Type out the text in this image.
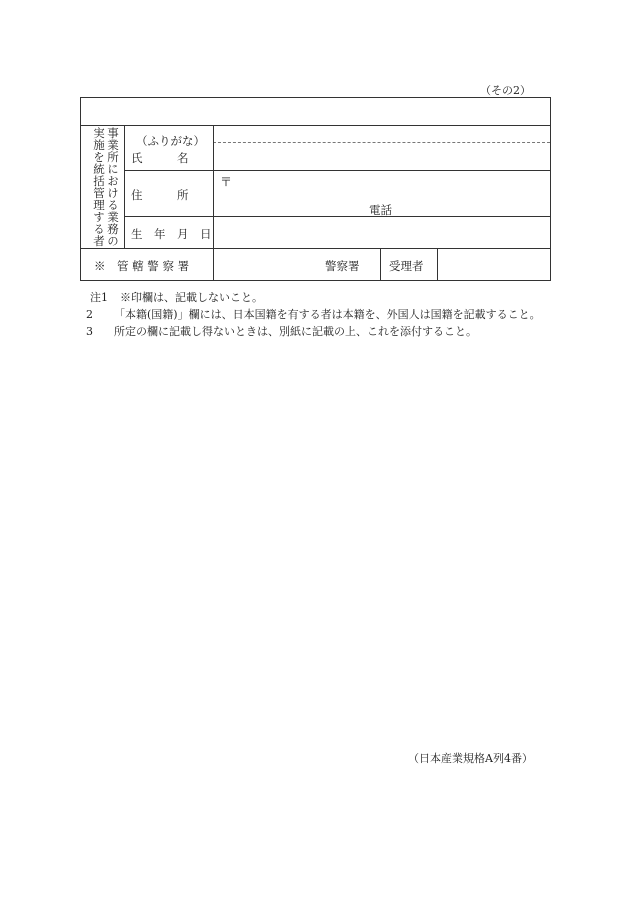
（その2）
事業所における業務の実施を統括管理する者	（ふりがな）
氏　　　名
住　　　所
生　年　月　日
※　管 轄 警 察 署
〒
電話
警察署	受理者

注1 ※印欄は、記載しないこと。

2 「本籍(国籍)」欄には、日本国籍を有する者は本籍を、外国人は国籍を記載すること。

3 所定の欄に記載し得ないときは、別紙に記載の上、これを添付すること。

（日本産業規格A列4番）
